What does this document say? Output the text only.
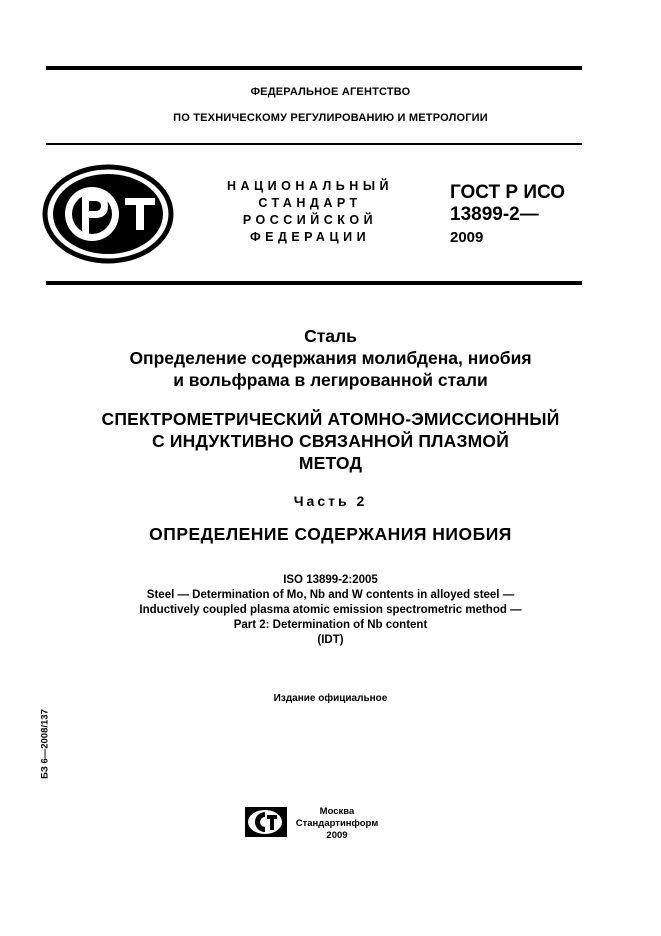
ФЕДЕРАЛЬНОЕ АГЕНТСТВО
ПО ТЕХНИЧЕСКОМУ РЕГУЛИРОВАНИЮ И МЕТРОЛОГИИ
НАЦИОНАЛЬНЫЙ
СТАНДАРТ
РОССИЙСКОЙ
ФЕДЕРАЦИИ
ГОСТ Р ИСО
13899-2—
2009
Сталь
Определение содержания молибдена, ниобия
и вольфрама в легированной стали
СПЕКТРОМЕТРИЧЕСКИЙ АТОМНО-ЭМИССИОННЫЙ
С ИНДУКТИВНО СВЯЗАННОЙ ПЛАЗМОЙ
МЕТОД
Часть 2
ОПРЕДЕЛЕНИЕ СОДЕРЖАНИЯ НИОБИЯ
ISO 13899-2:2005
Steel — Determination of Mo, Nb and W contents in alloyed steel —
Inductively coupled plasma atomic emission spectrometric method —
Part 2: Determination of Nb content
(IDT)
Издание официальное
БЗ 6—2008/137
Москва
Стандартинформ
2009
